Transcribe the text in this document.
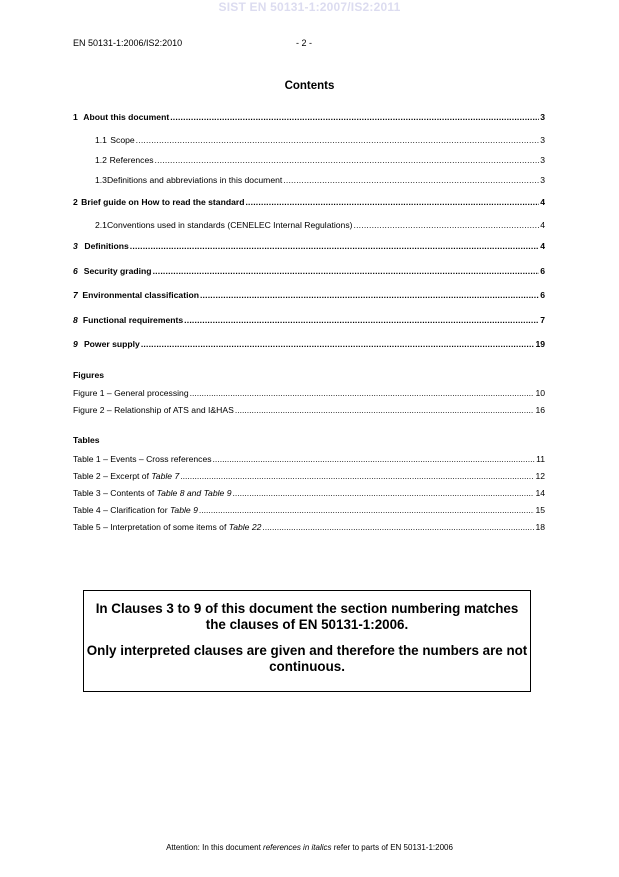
SIST EN 50131-1:2007/IS2:2011
EN 50131-1:2006/IS2:2010	- 2 -
Contents
1 About this document .....	3
1.1 Scope .....	3
1.2 References .....	3
1.3 Definitions and abbreviations in this document .....	3
2 Brief guide on How to read the standard .....	4
2.1 Conventions used in standards (CENELEC Internal Regulations) .....	4
3 Definitions .....	4
6 Security grading .....	6
7 Environmental classification .....	6
8 Functional requirements .....	7
9 Power supply .....	19
Figures
Figure 1 – General processing .....	10
Figure 2 – Relationship of ATS and I&HAS .....	16
Tables
Table 1 – Events – Cross references .....	11
Table 2 – Excerpt of Table 7 .....	12
Table 3 – Contents of Table 8 and Table 9 .....	14
Table 4 – Clarification for Table 9 .....	15
Table 5 – Interpretation of some items of Table 22 .....	18

In Clauses 3 to 9 of this document the section numbering matches the clauses of EN 50131-1:2006.

Only interpreted clauses are given and therefore the numbers are not continuous.

Attention: In this document references in italics refer to parts of EN 50131-1:2006
